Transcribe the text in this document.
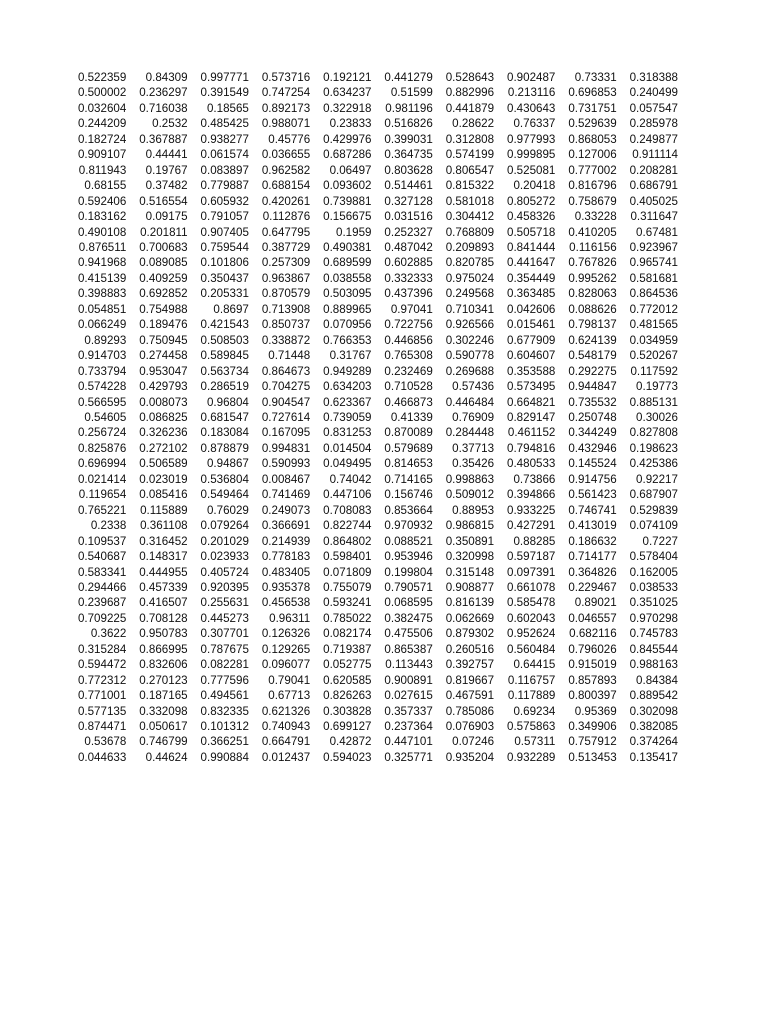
0.522359	0.84309	0.997771	0.573716	0.192121	0.441279	0.528643	0.902487	0.73331	0.318388
0.500002	0.236297	0.391549	0.747254	0.634237	0.51599	0.882996	0.213116	0.696853	0.240499
0.032604	0.716038	0.18565	0.892173	0.322918	0.981196	0.441879	0.430643	0.731751	0.057547
0.244209	0.2532	0.485425	0.988071	0.23833	0.516826	0.28622	0.76337	0.529639	0.285978
0.182724	0.367887	0.938277	0.45776	0.429976	0.399031	0.312808	0.977993	0.868053	0.249877
0.909107	0.44441	0.061574	0.036655	0.687286	0.364735	0.574199	0.999895	0.127006	0.911114
0.811943	0.19767	0.083897	0.962582	0.06497	0.803628	0.806547	0.525081	0.777002	0.208281
0.68155	0.37482	0.779887	0.688154	0.093602	0.514461	0.815322	0.20418	0.816796	0.686791
0.592406	0.516554	0.605932	0.420261	0.739881	0.327128	0.581018	0.805272	0.758679	0.405025
0.183162	0.09175	0.791057	0.112876	0.156675	0.031516	0.304412	0.458326	0.33228	0.311647
0.490108	0.201811	0.907405	0.647795	0.1959	0.252327	0.768809	0.505718	0.410205	0.67481
0.876511	0.700683	0.759544	0.387729	0.490381	0.487042	0.209893	0.841444	0.116156	0.923967
0.941968	0.089085	0.101806	0.257309	0.689599	0.602885	0.820785	0.441647	0.767826	0.965741
0.415139	0.409259	0.350437	0.963867	0.038558	0.332333	0.975024	0.354449	0.995262	0.581681
0.398883	0.692852	0.205331	0.870579	0.503095	0.437396	0.249568	0.363485	0.828063	0.864536
0.054851	0.754988	0.8697	0.713908	0.889965	0.97041	0.710341	0.042606	0.088626	0.772012
0.066249	0.189476	0.421543	0.850737	0.070956	0.722756	0.926566	0.015461	0.798137	0.481565
0.89293	0.750945	0.508503	0.338872	0.766353	0.446856	0.302246	0.677909	0.624139	0.034959
0.914703	0.274458	0.589845	0.71448	0.31767	0.765308	0.590778	0.604607	0.548179	0.520267
0.733794	0.953047	0.563734	0.864673	0.949289	0.232469	0.269688	0.353588	0.292275	0.117592
0.574228	0.429793	0.286519	0.704275	0.634203	0.710528	0.57436	0.573495	0.944847	0.19773
0.566595	0.008073	0.96804	0.904547	0.623367	0.466873	0.446484	0.664821	0.735532	0.885131
0.54605	0.086825	0.681547	0.727614	0.739059	0.41339	0.76909	0.829147	0.250748	0.30026
0.256724	0.326236	0.183084	0.167095	0.831253	0.870089	0.284448	0.461152	0.344249	0.827808
0.825876	0.272102	0.878879	0.994831	0.014504	0.579689	0.37713	0.794816	0.432946	0.198623
0.696994	0.506589	0.94867	0.590993	0.049495	0.814653	0.35426	0.480533	0.145524	0.425386
0.021414	0.023019	0.536804	0.008467	0.74042	0.714165	0.998863	0.73866	0.914756	0.92217
0.119654	0.085416	0.549464	0.741469	0.447106	0.156746	0.509012	0.394866	0.561423	0.687907
0.765221	0.115889	0.76029	0.249073	0.708083	0.853664	0.88953	0.933225	0.746741	0.529839
0.2338	0.361108	0.079264	0.366691	0.822744	0.970932	0.986815	0.427291	0.413019	0.074109
0.109537	0.316452	0.201029	0.214939	0.864802	0.088521	0.350891	0.88285	0.186632	0.7227
0.540687	0.148317	0.023933	0.778183	0.598401	0.953946	0.320998	0.597187	0.714177	0.578404
0.583341	0.444955	0.405724	0.483405	0.071809	0.199804	0.315148	0.097391	0.364826	0.162005
0.294466	0.457339	0.920395	0.935378	0.755079	0.790571	0.908877	0.661078	0.229467	0.038533
0.239687	0.416507	0.255631	0.456538	0.593241	0.068595	0.816139	0.585478	0.89021	0.351025
0.709225	0.708128	0.445273	0.96311	0.785022	0.382475	0.062669	0.602043	0.046557	0.970298
0.3622	0.950783	0.307701	0.126326	0.082174	0.475506	0.879302	0.952624	0.682116	0.745783
0.315284	0.866995	0.787675	0.129265	0.719387	0.865387	0.260516	0.560484	0.796026	0.845544
0.594472	0.832606	0.082281	0.096077	0.052775	0.113443	0.392757	0.64415	0.915019	0.988163
0.772312	0.270123	0.777596	0.79041	0.620585	0.900891	0.819667	0.116757	0.857893	0.84384
0.771001	0.187165	0.494561	0.67713	0.826263	0.027615	0.467591	0.117889	0.800397	0.889542
0.577135	0.332098	0.832335	0.621326	0.303828	0.357337	0.785086	0.69234	0.95369	0.302098
0.874471	0.050617	0.101312	0.740943	0.699127	0.237364	0.076903	0.575863	0.349906	0.382085
0.53678	0.746799	0.366251	0.664791	0.42872	0.447101	0.07246	0.57311	0.757912	0.374264
0.044633	0.44624	0.990884	0.012437	0.594023	0.325771	0.935204	0.932289	0.513453	0.135417
